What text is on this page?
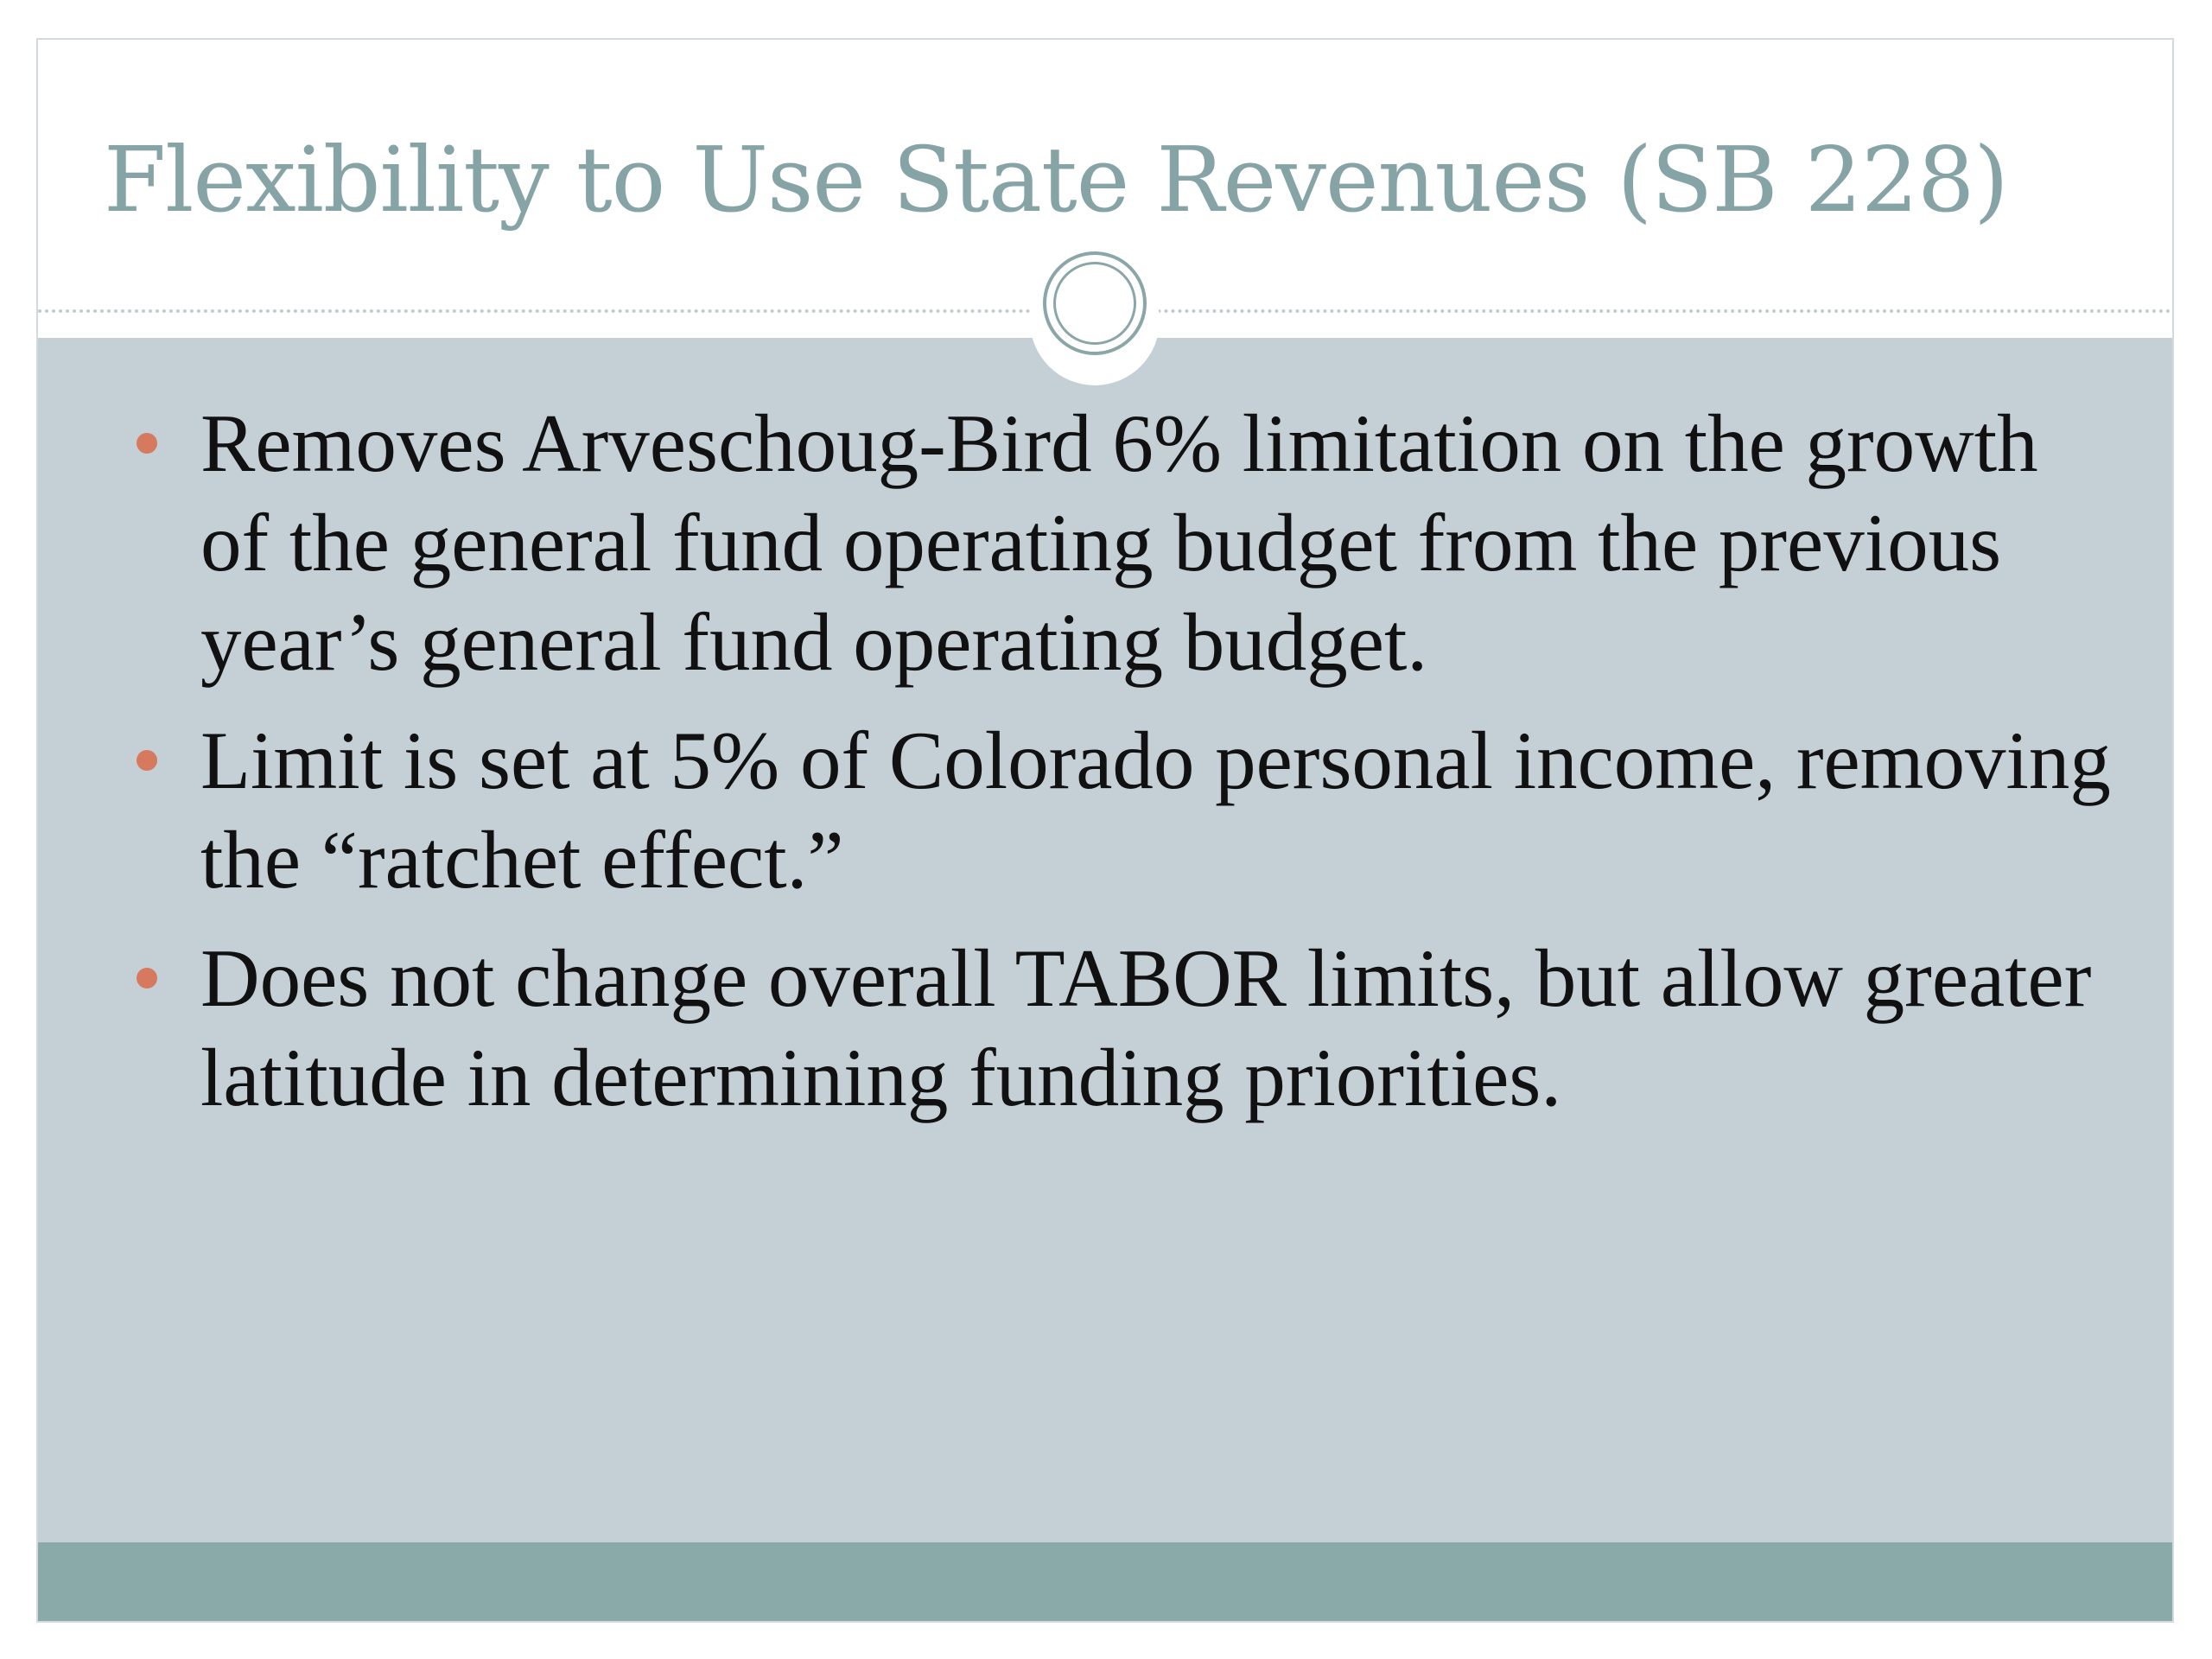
Flexibility to Use State Revenues (SB 228)
Removes Arveschoug-Bird 6% limitation on the growth of the general fund operating budget from the previous year’s general fund operating budget.
Limit is set at 5% of Colorado personal income, removing the “ratchet effect.”
Does not change overall TABOR limits, but allow greater latitude in determining funding priorities.
